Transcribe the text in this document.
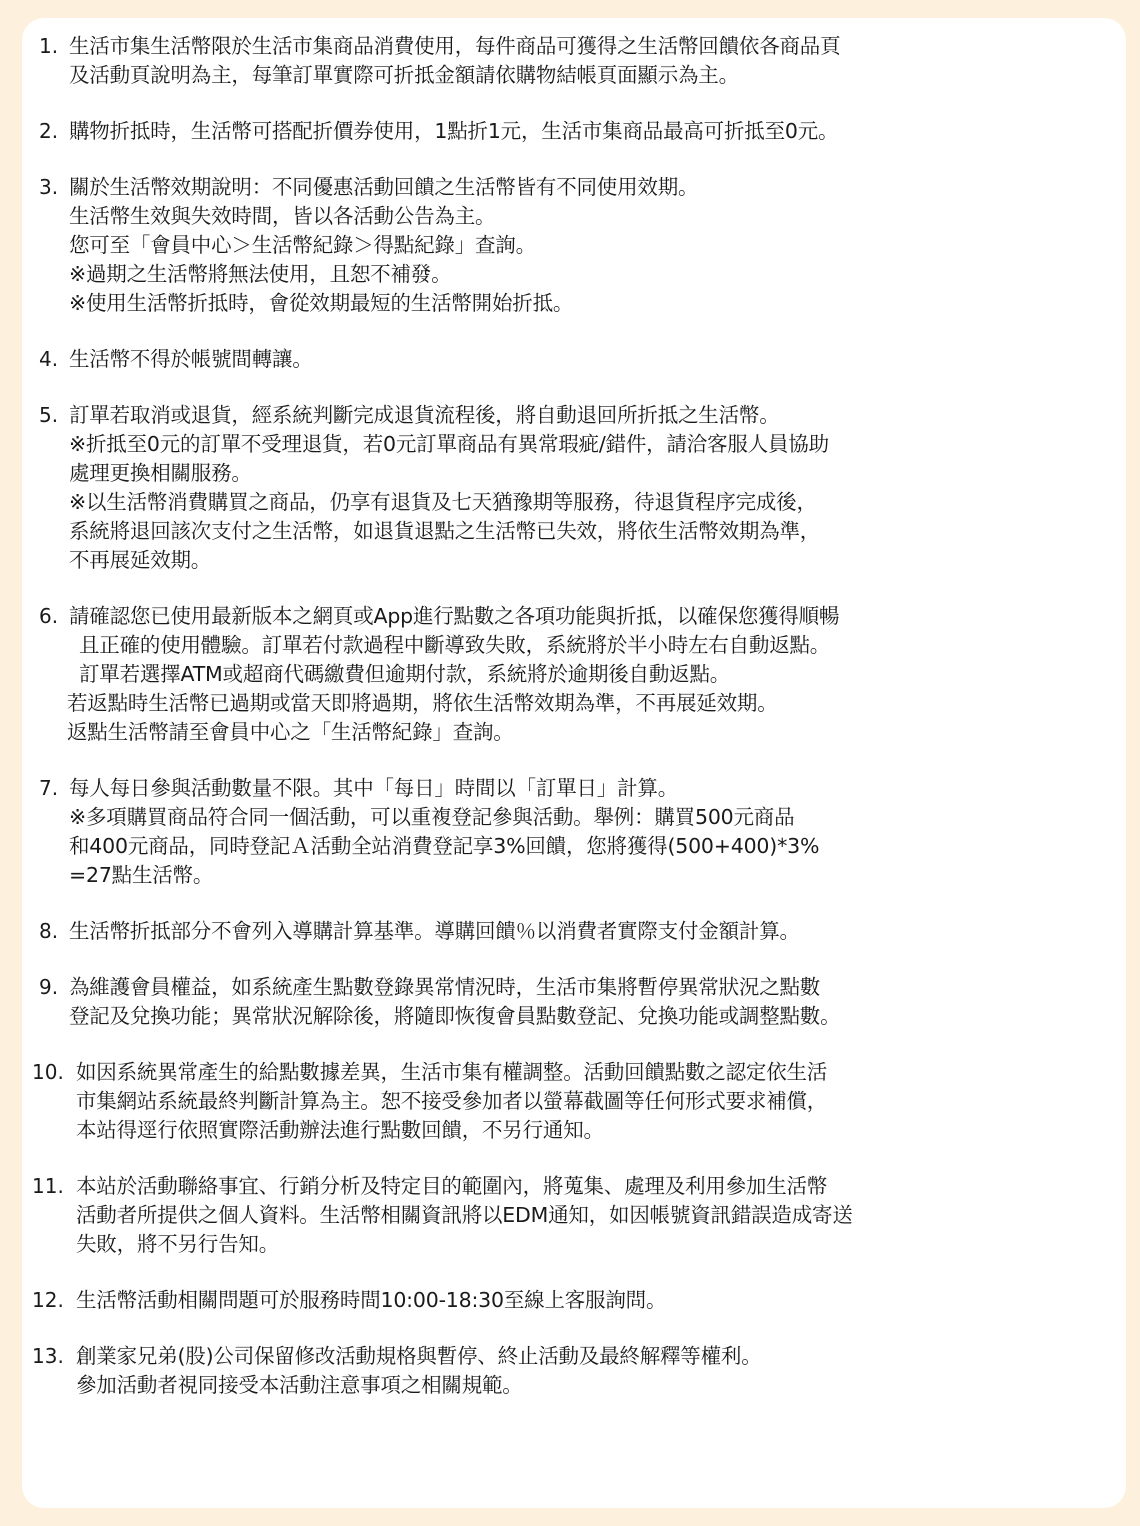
1. 生活市集生活幣限於生活市集商品消費使用，每件商品可獲得之生活幣回饋依各商品頁
及活動頁說明為主，每筆訂單實際可折抵金額請依購物結帳頁面顯示為主。
2. 購物折抵時，生活幣可搭配折價券使用，1點折1元，生活市集商品最高可折抵至0元。
3. 關於生活幣效期說明：不同優惠活動回饋之生活幣皆有不同使用效期。
生活幣生效與失效時間，皆以各活動公告為主。
您可至「會員中心＞生活幣紀錄＞得點紀錄」查詢。
※過期之生活幣將無法使用，且恕不補發。
※使用生活幣折抵時，會從效期最短的生活幣開始折抵。
4. 生活幣不得於帳號間轉讓。
5. 訂單若取消或退貨，經系統判斷完成退貨流程後，將自動退回所折抵之生活幣。
※折抵至0元的訂單不受理退貨，若0元訂單商品有異常瑕疵/錯件，請洽客服人員協助
處理更換相關服務。
※以生活幣消費購買之商品，仍享有退貨及七天猶豫期等服務，待退貨程序完成後，
系統將退回該次支付之生活幣，如退貨退點之生活幣已失效，將依生活幣效期為準，
不再展延效期。
6. 請確認您已使用最新版本之網頁或App進行點數之各項功能與折抵，以確保您獲得順暢
且正確的使用體驗。訂單若付款過程中斷導致失敗，系統將於半小時左右自動返點。
訂單若選擇ATM或超商代碼繳費但逾期付款，系統將於逾期後自動返點。
若返點時生活幣已過期或當天即將過期，將依生活幣效期為準，不再展延效期。
返點生活幣請至會員中心之「生活幣紀錄」查詢。
7. 每人每日參與活動數量不限。其中「每日」時間以「訂單日」計算。
※多項購買商品符合同一個活動，可以重複登記參與活動。舉例：購買500元商品
和400元商品，同時登記Ａ活動全站消費登記享3%回饋，您將獲得(500+400)*3%
=27點生活幣。
8. 生活幣折抵部分不會列入導購計算基準。導購回饋％以消費者實際支付金額計算。
9. 為維護會員權益，如系統產生點數登錄異常情況時，生活市集將暫停異常狀況之點數
登記及兌換功能；異常狀況解除後，將隨即恢復會員點數登記、兌換功能或調整點數。
10. 如因系統異常產生的給點數據差異，生活市集有權調整。活動回饋點數之認定依生活
市集網站系統最終判斷計算為主。恕不接受參加者以螢幕截圖等任何形式要求補償，
本站得逕行依照實際活動辦法進行點數回饋，不另行通知。
11. 本站於活動聯絡事宜、行銷分析及特定目的範圍內，將蒐集、處理及利用參加生活幣
活動者所提供之個人資料。生活幣相關資訊將以EDM通知，如因帳號資訊錯誤造成寄送
失敗，將不另行告知。
12. 生活幣活動相關問題可於服務時間10:00-18:30至線上客服詢問。
13. 創業家兄弟(股)公司保留修改活動規格與暫停、終止活動及最終解釋等權利。
參加活動者視同接受本活動注意事項之相關規範。
